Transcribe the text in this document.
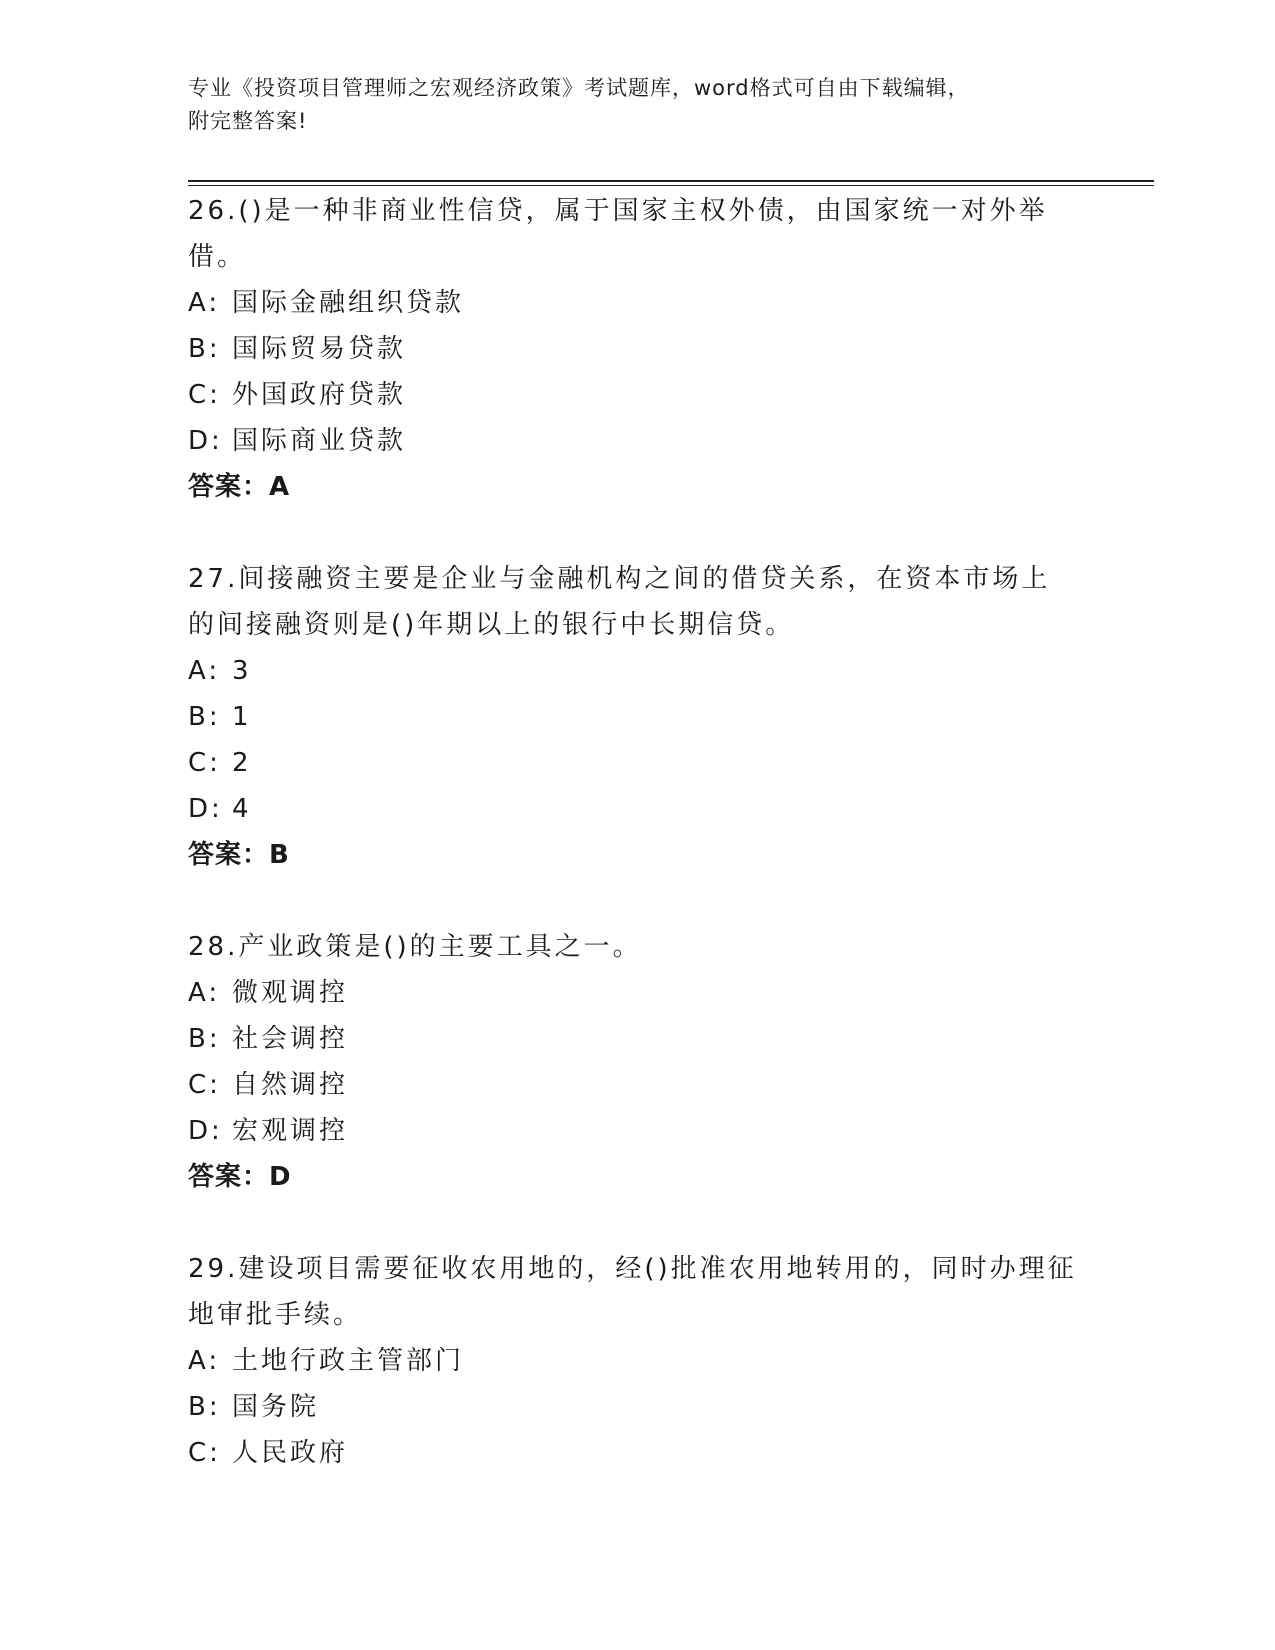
专业《投资项目管理师之宏观经济政策》考试题库，word格式可自由下载编辑，
附完整答案!

26.()是一种非商业性信贷，属于国家主权外债，由国家统一对外举借。

A: 国际金融组织贷款

B: 国际贸易贷款

C: 外国政府贷款

D: 国际商业贷款

答案：A

27.间接融资主要是企业与金融机构之间的借贷关系，在资本市场上的间接融资则是()年期以上的银行中长期信贷。

A: 3

B: 1

C: 2

D: 4

答案：B

28.产业政策是()的主要工具之一。

A: 微观调控

B: 社会调控

C: 自然调控

D: 宏观调控

答案：D

29.建设项目需要征收农用地的，经()批准农用地转用的，同时办理征地审批手续。

A: 土地行政主管部门

B: 国务院

C: 人民政府
